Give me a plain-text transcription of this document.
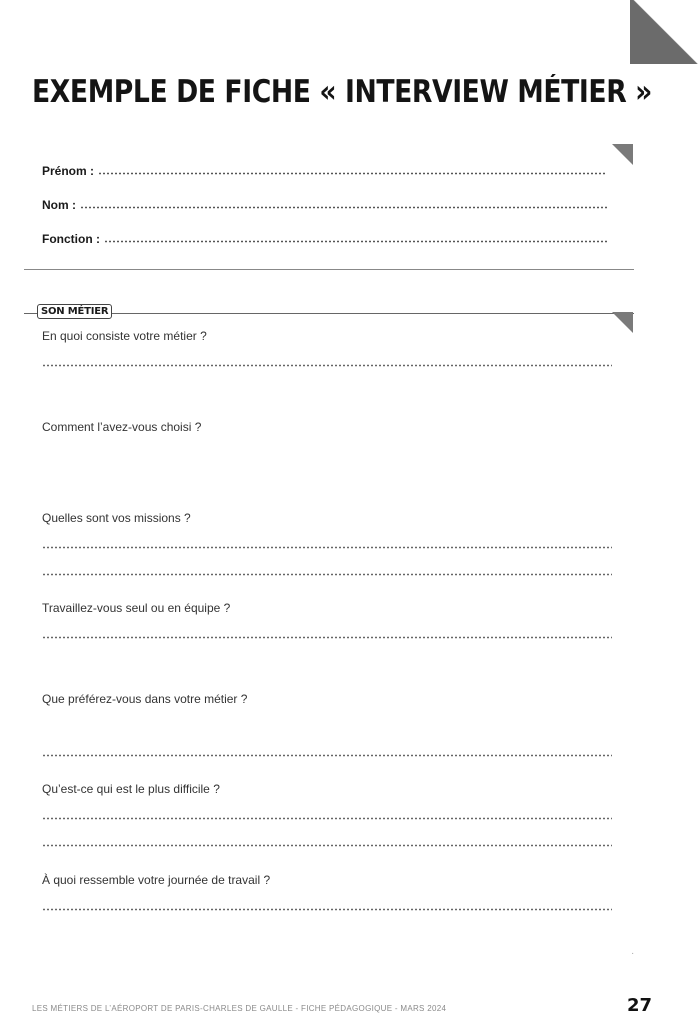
EXEMPLE DE FICHE « INTERVIEW MÉTIER »
Prénom :
Nom :
Fonction :
SON MÉTIER
En quoi consiste votre métier ?
Comment l’avez-vous choisi ?
Quelles sont vos missions ?
Travaillez-vous seul ou en équipe ?
Que préférez-vous dans votre métier ?
Qu’est-ce qui est le plus difficile ?
À quoi ressemble votre journée de travail ?
·
LES MÉTIERS DE L’AÉROPORT DE PARIS-CHARLES DE GAULLE - FICHE PÉDAGOGIQUE - MARS 2024	27
